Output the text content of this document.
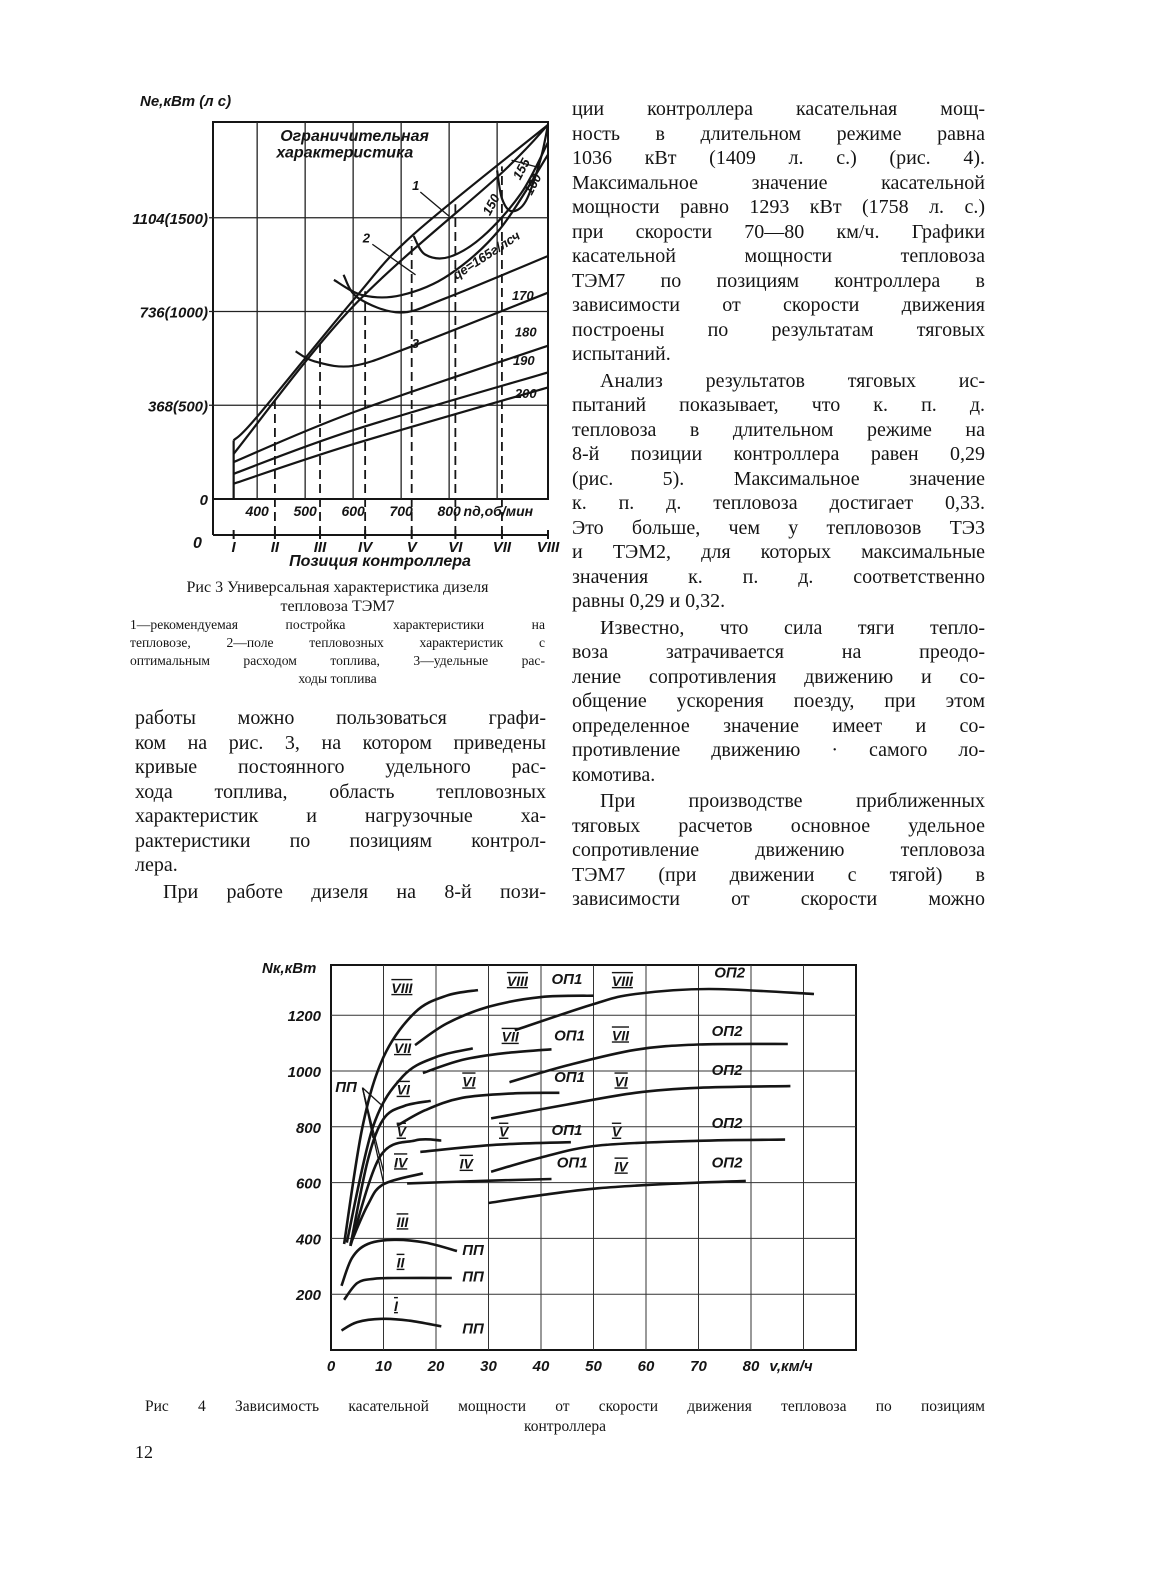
0
368(500)
736(1000)
1104(1500)
400 500 600 700 800 nд,об/мин
Nе,кВт (л с)
0
Позиция контроллера
I II III IV V VI VII VIII
Ограничительная
характеристика
1
2
3
150
155
160
qе=165г/лсч
170
180
190
200
200
400
600
800
1000
1200
0	10 20 30 40 50 60 70 80 v,км/ч
Nк,кВт
VIII	VIII ОП1 VIII	ОП2
VII
VII ОП1 VII	ОП2
VI
VI	ОП1 VI
ОП2
V	V	ОП1 V	ОП2
IV	IV	ОП1 IV	ОП2
III
ПП
II
ПП
I
ПП
ПП
Рис 3 Универсальная характеристика дизеля
тепловоза ТЭМ7
1—рекомендуемая постройка характеристики на
тепловозе, 2—поле тепловозных характеристик с
оптимальным расходом топлива, 3—удельные рас-
ходы топлива
работы можно пользоваться графи-
ком на рис. 3, на котором приведены
кривые постоянного удельного рас-
хода топлива, область тепловозных
характеристик и нагрузочные ха-
рактеристики по позициям контрол-
лера.
При работе дизеля на 8-й пози-
ции контроллера касательная мощ-
ность в длительном режиме равна
1036 кВт (1409 л. с.) (рис. 4).
Максимальное значение касательной
мощности равно 1293 кВт (1758 л. с.)
при скорости 70—80 км/ч. Графики
касательной мощности тепловоза
ТЭМ7 по позициям контроллера в
зависимости от скорости движения
построены по результатам тяговых
испытаний.
Анализ результатов тяговых ис-
пытаний показывает, что к. п. д.
тепловоза в длительном режиме на
8-й позиции контроллера равен 0,29
(рис. 5). Максимальное значение
к. п. д. тепловоза достигает 0,33.
Это больше, чем у тепловозов ТЭ3
и ТЭМ2, для которых максимальные
значения к. п. д. соответственно
равны 0,29 и 0,32.
Известно, что сила тяги тепло-
воза затрачивается на преодо-
ление сопротивления движению и со-
общение ускорения поезду, при этом
определенное значение имеет и со-
противление движению · самого ло-
комотива.
При производстве приближенных
тяговых расчетов основное удельное
сопротивление движению тепловоза
ТЭМ7 (при движении с тягой) в
зависимости от скорости можно
Рис 4 Зависимость касательной мощности от скорости движения тепловоза по позициям
контроллера
12
